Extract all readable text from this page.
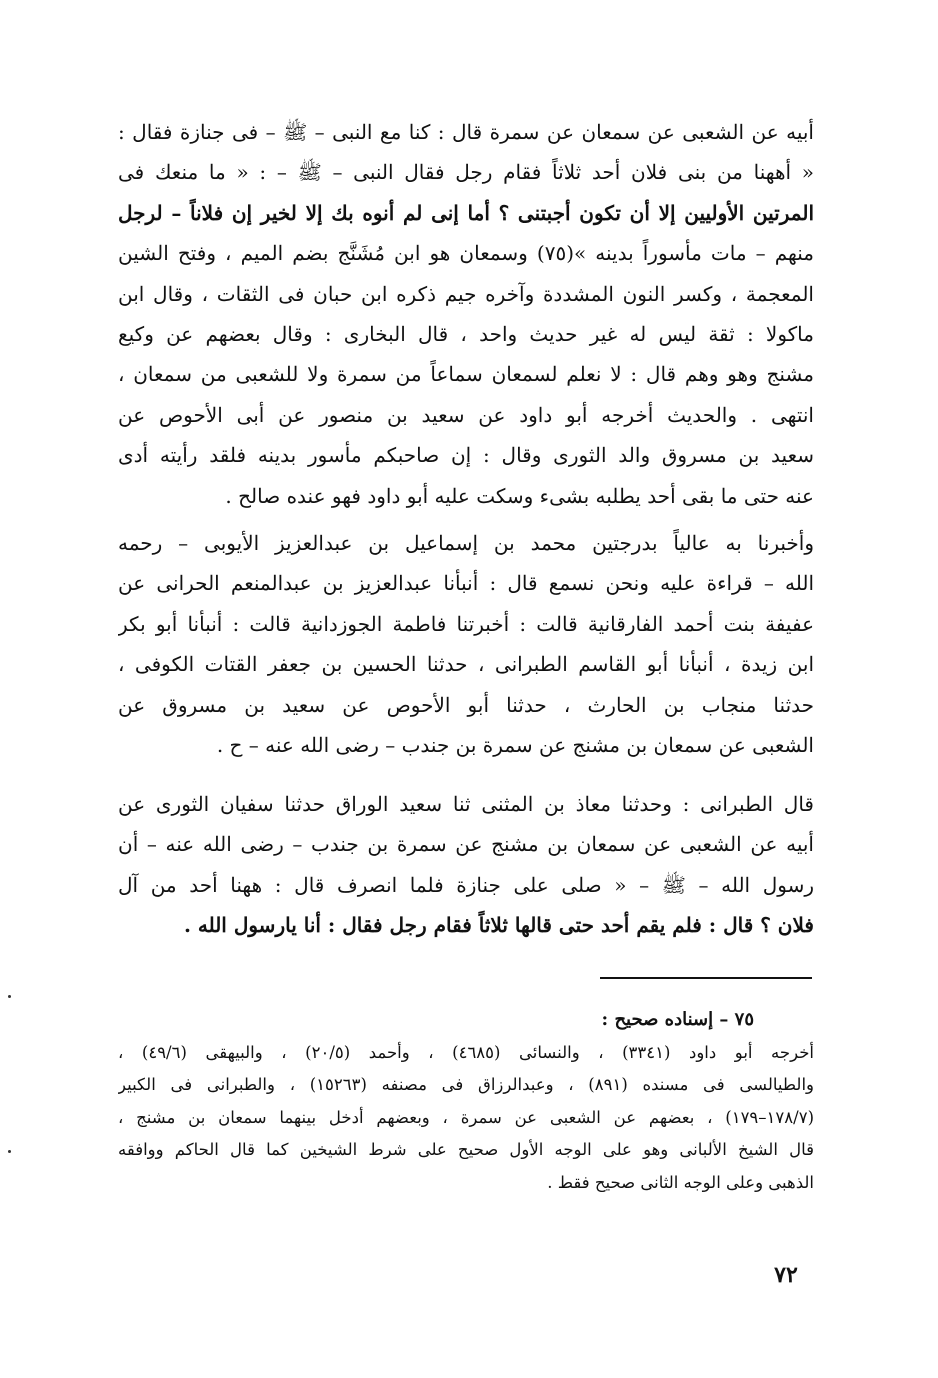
أبيه عن الشعبى عن سمعان عن سمرة قال : كنا مع النبى – ﷺ – فى جنازة فقال :
« أههنا من بنى فلان أحد ثلاثاً فقام رجل فقال النبى – ﷺ – : « ما منعك فى
المرتين الأوليين إلا أن تكون أجبتنى ؟ أما إنى لم أنوه بك إلا لخير إن فلاناً – لرجل
منهم – مات مأسوراً بدينه »(٧٥) وسمعان هو ابن مُشَنَّج بضم الميم ، وفتح الشين
المعجمة ، وكسر النون المشددة وآخره جيم ذكره ابن حبان فى الثقات ، وقال ابن
ماكولا : ثقة ليس له غير حديث واحد ، قال البخارى : وقال بعضهم عن وكيع
مشنج وهو وهم قال : لا نعلم لسمعان سماعاً من سمرة ولا للشعبى من سمعان ،
انتهى . والحديث أخرجه أبو داود عن سعيد بن منصور عن أبى الأحوص عن
سعيد بن مسروق والد الثورى وقال : إن صاحبكم مأسور بدينه فلقد رأيته أدى
عنه حتى ما بقى أحد يطلبه بشىء وسكت عليه أبو داود فهو عنده صالح .
وأخبرنا به عالياً بدرجتين محمد بن إسماعيل بن عبدالعزيز الأيوبى – رحمه
الله – قراءة عليه ونحن نسمع قال : أنبأنا عبدالعزيز بن عبدالمنعم الحرانى عن
عفيفة بنت أحمد الفارقانية قالت : أخبرتنا فاطمة الجوزدانية قالت : أنبأنا أبو بكر
ابن زيدة ، أنبأنا أبو القاسم الطبرانى ، حدثنا الحسين بن جعفر القتات الكوفى ،
حدثنا منجاب بن الحارث ، حدثنا أبو الأحوص عن سعيد بن مسروق عن
الشعبى عن سمعان بن مشنج عن سمرة بن جندب – رضى الله عنه – ح .
قال الطبرانى : وحدثنا معاذ بن المثنى ثنا سعيد الوراق حدثنا سفيان الثورى عن
أبيه عن الشعبى عن سمعان بن مشنج عن سمرة بن جندب – رضى الله عنه – أن
رسول الله – ﷺ – « صلى على جنازة فلما انصرف قال : ههنا أحد من آل
فلان ؟ قال : فلم يقم أحد حتى قالها ثلاثاً فقام رجل فقال : أنا يارسول الله .
٧٥ – إسناده صحيح :
أخرجه أبو داود (٣٣٤١) ، والنسائى (٤٦٨٥) ، وأحمد (٢٠/٥) ، والبيهقى (٤٩/٦) ،
والطيالسى فى مسنده (٨٩١) ، وعبدالرزاق فى مصنفه (١٥٢٦٣) ، والطبرانى فى الكبير
(١٧٨/٧–١٧٩) ، بعضهم عن الشعبى عن سمرة ، وبعضهم أدخل بينهما سمعان بن مشنج ،
قال الشيخ الألبانى وهو على الوجه الأول صحيح على شرط الشيخين كما قال الحاكم ووافقه
الذهبى وعلى الوجه الثانى صحيح فقط .
٧٢
